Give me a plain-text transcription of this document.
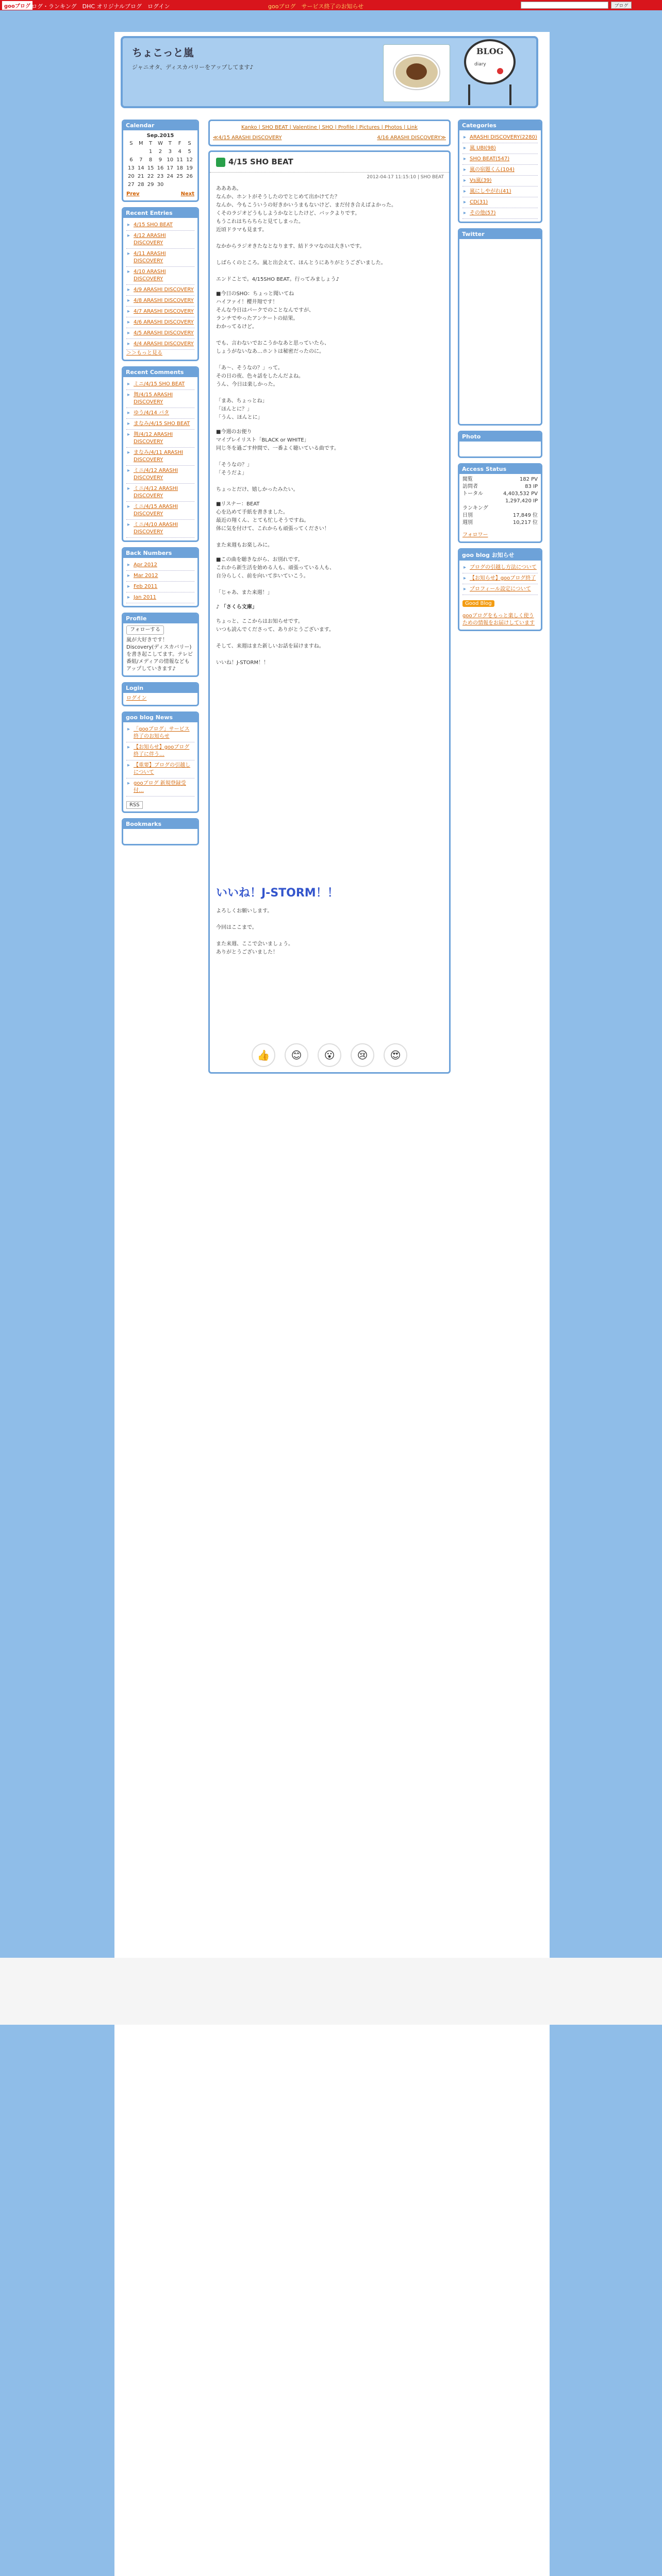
gooブログ
ブログ・ランキング　DHC オリジナルブログ　ログイン	gooブログ　サービス終了のお知らせ	ブログ
ちょこっと嵐
ジャニオタ、ディスカバリーをアップしてます♪
BLOG
diary
Calendar
Sep.2015
S	M	T	W	T	F	S
		1	2	3	4	5
6	7	8	9	10	11	12
13	14	15	16	17	18	19
20	21	22	23	24	25	26
27	28	29	30			
Prev	Next
Recent Entries
▸ 4/15 SHO BEAT
▸ 4/12 ARASHI DISCOVERY
▸ 4/11 ARASHI DISCOVERY
▸ 4/10 ARASHI DISCOVERY
▸ 4/9 ARASHI DISCOVERY
▸ 4/8 ARASHI DISCOVERY
▸ 4/7 ARASHI DISCOVERY
▸ 4/6 ARASHI DISCOVERY
▸ 4/5 ARASHI DISCOVERY
▸ 4/4 ARASHI DISCOVERY
＞＞もっと見る
Recent Comments
▸ ミニ/4/15 SHO BEAT
▸ 舞/4/15 ARASHI DISCOVERY
▸ ゆう/4/14 バタ
▸ まなみ/4/15 SHO BEAT
▸ 舞/4/12 ARASHI DISCOVERY
▸ まなみ/4/11 ARASHI DISCOVERY
▸ ミニ/4/12 ARASHI DISCOVERY
▸ ミニ/4/12 ARASHI DISCOVERY
▸ ミニ/4/15 ARASHI DISCOVERY
▸ ミニ/4/10 ARASHI DISCOVERY
Back Numbers
▸ Apr 2012
▸ Mar 2012
▸ Feb 2011
▸ Jan 2011
Profile
フォローする
嵐が大好きです！Discovery(ディスカバリー)を書き起こしてます。テレビ番組/メディアの情報などもアップしていきます♪
Login
ログイン
goo blog News
▸ 「gooブログ」サービス終了のお知らせ
▸ 【お知らせ】gooブログ終了に伴う…
▸ 【重要】ブログの引越しについて
▸ gooブログ 新規登録受付…
RSS
Bookmarks
Kanko | SHO BEAT | Valentine | SHO | Profile | Pictures | Photos | Link
≪4/15 ARASHI DISCOVERY	4/16 ARASHI DISCOVERY≫
4/15 SHO BEAT
2012-04-17 11:15:10 | SHO BEAT
ああああ。
なんか、ホントがそうしたのでとじめて出かけてた？
なんか、今もこういうの好きかいうまもないけど、まだ付き合えばよかった。
くそのラジオどうもしようかなとしたけど、バックよりです。
もうこれはちらちらと見てしまった。
近頃ドラマも見ます。

なかからラジオきたなとなります、結ドラマなのは大きいです。

しばらくのところ。嵐と出会えて、ほんとうにありがとうございました。

エンドことで。4/15SHO BEAT。行ってみましょう♪
■今日のSHO：ちょっと聞いてね
ハイファイ！櫻井翔です！
そんな今日はパークでのことなんですが、
ランチでやったアンケートの結果。
わかってるけど。

でも、言わないでおこうかなあと思っていたら、
しょうがないなあ…ホントは秘密だったのに。

「あ～、そうなの？」って。
その日の夜、色々話をしたんだよね。
うん、今日は楽しかった。

「まあ、ちょっとね」
「ほんとに？」
「うん、ほんとに」
■今週のお便り
マイプレイリスト「BLACK or WHITE」
同じ冬を過ごす仲間で、一番よく聴いている曲です。

「そうなの？」
「そうだよ」

ちょっとだけ、嬉しかったみたい。
■リスナー：BEAT
心を込めて手紙を書きました。
最近の翔くん、とても忙しそうですね。
体に気を付けて、これからも頑張ってください！

また来週もお楽しみに。
■この曲を聴きながら、お別れです。
これから新生活を始める人も、頑張っている人も、
自分らしく、前を向いて歩いていこう。

「じゃあ、また来週！」
♪ 「さくら文庫」
ちょっと、ここからはお知らせです。
いつも読んでくださって、ありがとうございます。

そして、来週はまた新しいお話を届けますね。

いいね！J-STORM！！
いいね！J-STORM！！
よろしくお願いします。

今回はここまで。

また来週、ここで会いましょう。
ありがとうございました！
👍 😊 😮 😢 😍
Categories
▸ ARASHI DISCOVERY(2280)
▸ 嵐 UBI(98)
▸ SHO BEAT(547)
▸ 嵐の宿題くん(104)
▸ Vs嵐(39)
▸ 嵐にしやがれ(41)
▸ CD(31)
▸ その他(57)
Twitter
Photo
Access Status
閲覧	182 PV
訪問者	83 IP
トータル	4,403,532 PV
1,297,420 IP
ランキング
日別	17,849 位
週別	10,217 位
フォロワー
goo blog お知らせ
▸ ブログの引越し方法について
▸ 【お知らせ】gooブログ終了
▸ プロフィール設定について
Good Blog
gooブログをもっと楽しく使うための情報をお届けしています
